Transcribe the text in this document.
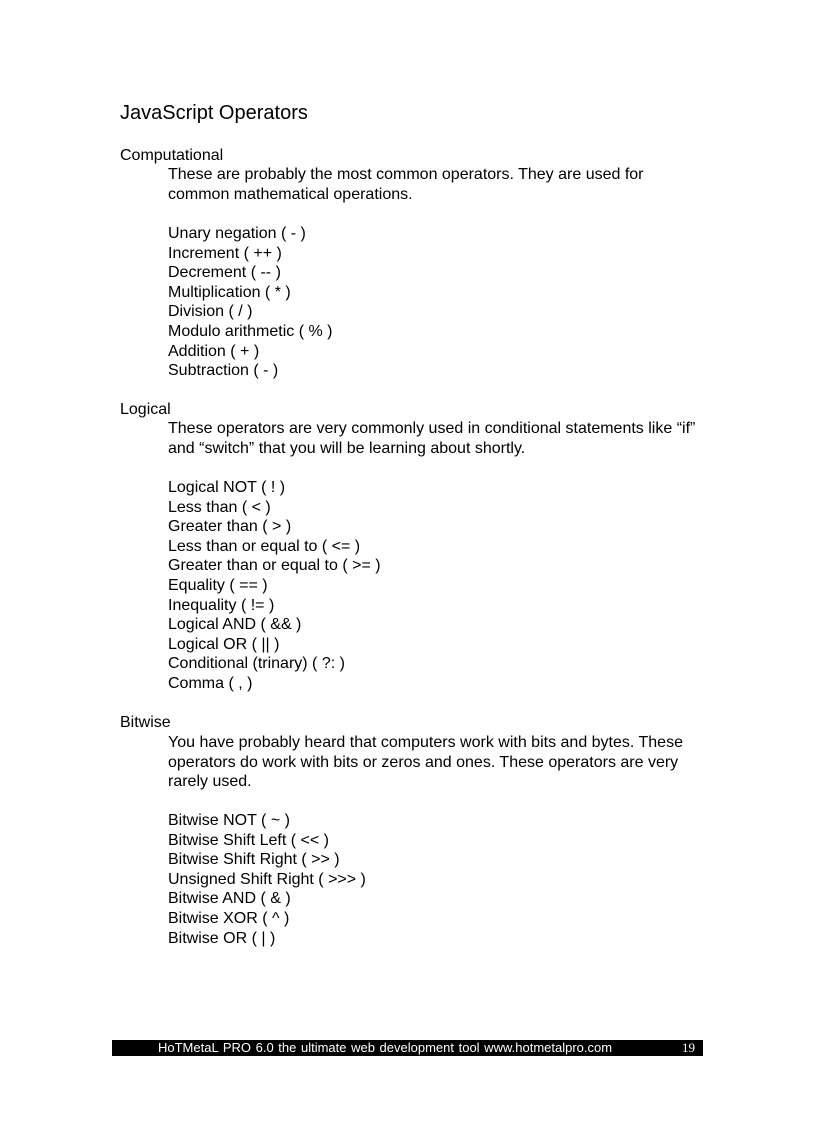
JavaScript Operators
Computational
These are probably the most common operators. They are used for
common mathematical operations.
Unary negation ( - )
Increment ( ++ )
Decrement ( -- )
Multiplication ( * )
Division ( / )
Modulo arithmetic ( % )
Addition ( + )
Subtraction ( - )
Logical
These operators are very commonly used in conditional statements like “if”
and “switch” that you will be learning about shortly.
Logical NOT ( ! )
Less than ( < )
Greater than ( > )
Less than or equal to ( <= )
Greater than or equal to ( >= )
Equality ( == )
Inequality ( != )
Logical AND ( && )
Logical OR ( || )
Conditional (trinary) ( ?: )
Comma ( , )
Bitwise
You have probably heard that computers work with bits and bytes. These
operators do work with bits or zeros and ones. These operators are very
rarely used.
Bitwise NOT ( ~ )
Bitwise Shift Left ( << )
Bitwise Shift Right ( >> )
Unsigned Shift Right ( >>> )
Bitwise AND ( & )
Bitwise XOR ( ^ )
Bitwise OR ( | )
HoTMetaL PRO 6.0 the ultimate web development tool www.hotmetalpro.com	19
